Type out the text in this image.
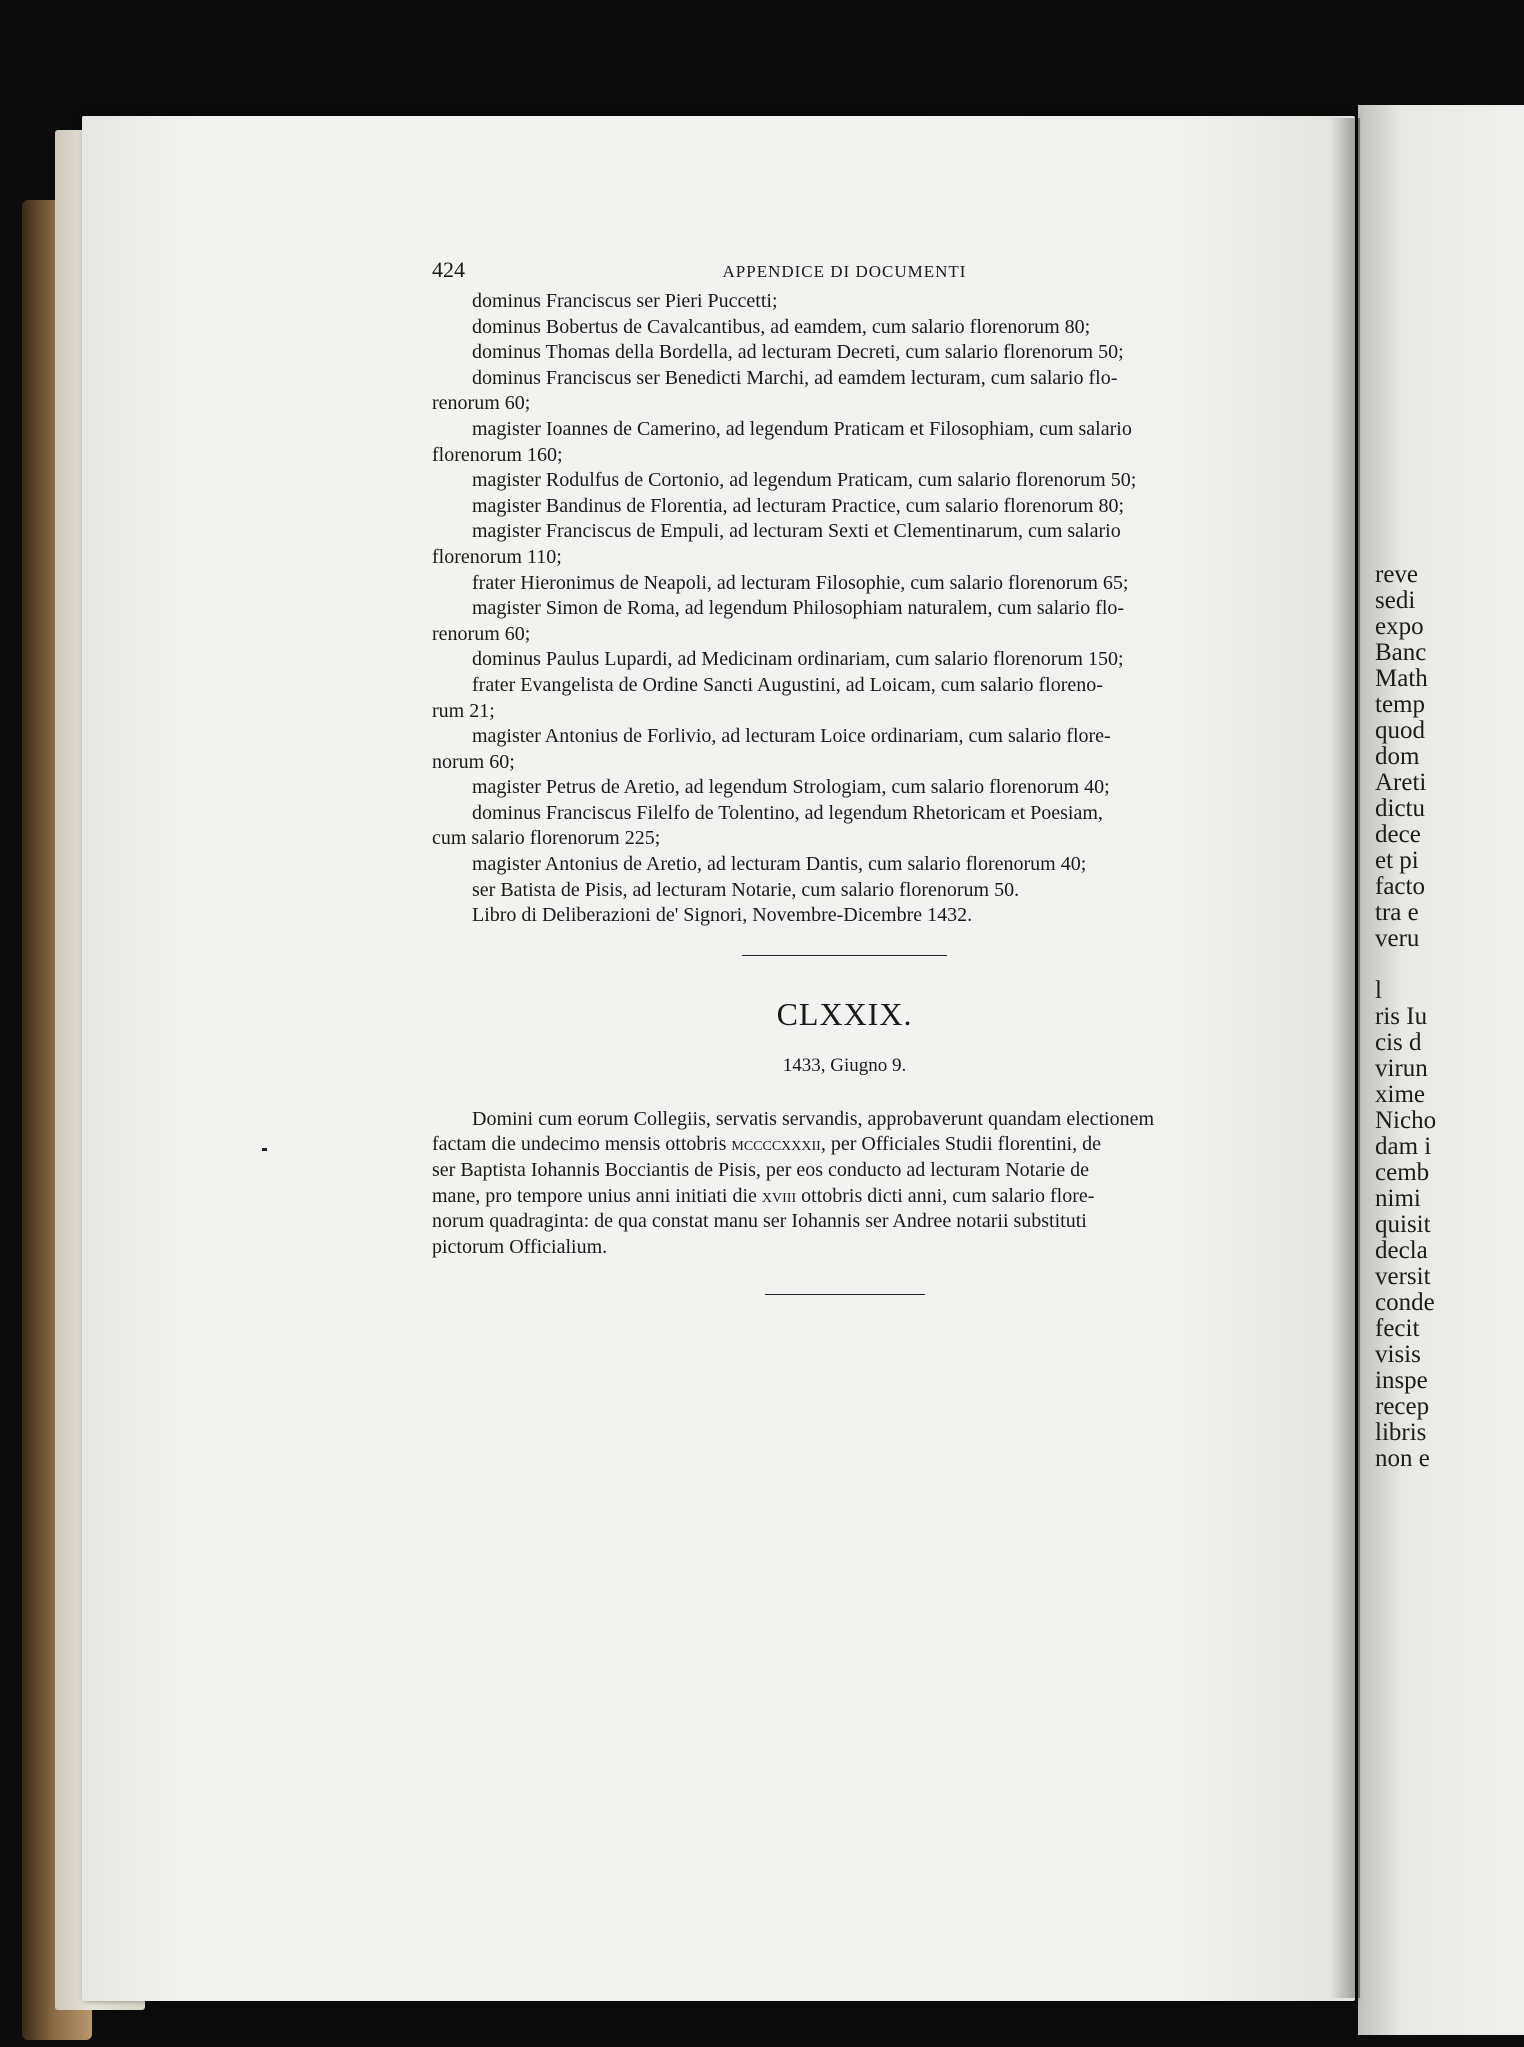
reve
sedi
expo
Banc
Math
temp
quod
dom
Areti
dictu
dece
et pi
facto
tra e
veru
l
ris Iu
cis d
virun
xime
Nicho
dam i
cemb
nimi
quisit
decla
versit
conde
fecit
visis
inspe
recep
libris
non e
424	APPENDICE DI DOCUMENTI
dominus Franciscus ser Pieri Puccetti;
dominus Bobertus de Cavalcantibus, ad eamdem, cum salario florenorum 80;
dominus Thomas della Bordella, ad lecturam Decreti, cum salario florenorum 50;
dominus Franciscus ser Benedicti Marchi, ad eamdem lecturam, cum salario flo-
renorum 60;
magister Ioannes de Camerino, ad legendum Praticam et Filosophiam, cum salario
florenorum 160;
magister Rodulfus de Cortonio, ad legendum Praticam, cum salario florenorum 50;
magister Bandinus de Florentia, ad lecturam Practice, cum salario florenorum 80;
magister Franciscus de Empuli, ad lecturam Sexti et Clementinarum, cum salario
florenorum 110;
frater Hieronimus de Neapoli, ad lecturam Filosophie, cum salario florenorum 65;
magister Simon de Roma, ad legendum Philosophiam naturalem, cum salario flo-
renorum 60;
dominus Paulus Lupardi, ad Medicinam ordinariam, cum salario florenorum 150;
frater Evangelista de Ordine Sancti Augustini, ad Loicam, cum salario floreno-
rum 21;
magister Antonius de Forlivio, ad lecturam Loice ordinariam, cum salario flore-
norum 60;
magister Petrus de Aretio, ad legendum Strologiam, cum salario florenorum 40;
dominus Franciscus Filelfo de Tolentino, ad legendum Rhetoricam et Poesiam,
cum salario florenorum 225;
magister Antonius de Aretio, ad lecturam Dantis, cum salario florenorum 40;
ser Batista de Pisis, ad lecturam Notarie, cum salario florenorum 50.
Libro di Deliberazioni de' Signori, Novembre-Dicembre 1432.
CLXXIX.
1433, Giugno 9.
Domini cum eorum Collegiis, servatis servandis, approbaverunt quandam electionem
factam die undecimo mensis ottobris mccccxxxii, per Officiales Studii florentini, de
ser Baptista Iohannis Bocciantis de Pisis, per eos conducto ad lecturam Notarie de
mane, pro tempore unius anni initiati die xviii ottobris dicti anni, cum salario flore-
norum quadraginta: de qua constat manu ser Iohannis ser Andree notarii substituti
pictorum Officialium.
